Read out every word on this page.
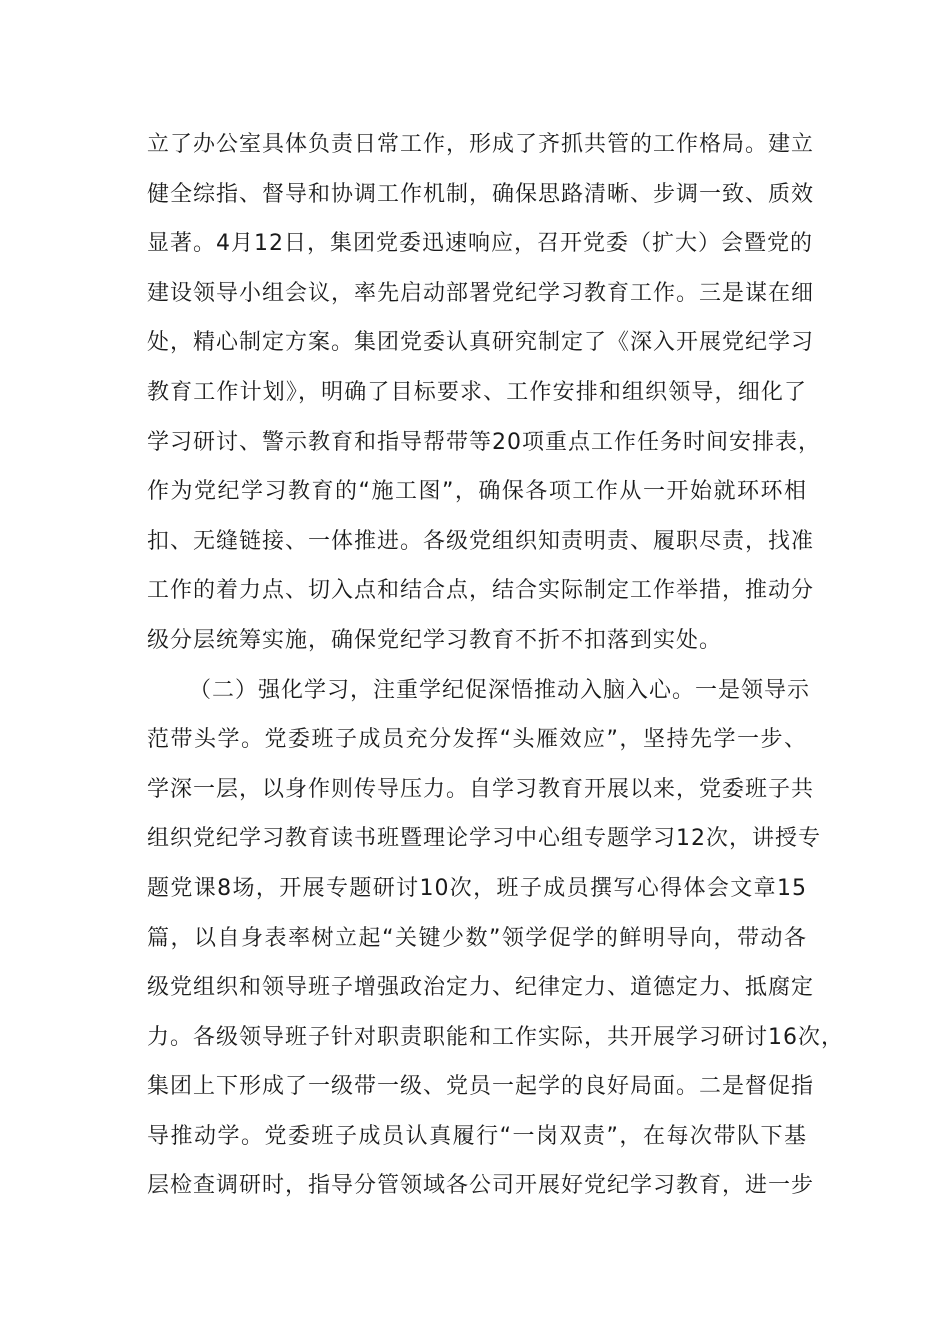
立了办公室具体负责日常工作，形成了齐抓共管的工作格局。建立
健全综指、督导和协调工作机制，确保思路清晰、步调一致、质效
显著。4月12日，集团党委迅速响应，召开党委（扩大）会暨党的
建设领导小组会议，率先启动部署党纪学习教育工作。三是谋在细
处，精心制定方案。集团党委认真研究制定了《深入开展党纪学习
教育工作计划》，明确了目标要求、工作安排和组织领导，细化了
学习研讨、警示教育和指导帮带等20项重点工作任务时间安排表，
作为党纪学习教育的“施工图”，确保各项工作从一开始就环环相
扣、无缝链接、一体推进。各级党组织知责明责、履职尽责，找准
工作的着力点、切入点和结合点，结合实际制定工作举措，推动分
级分层统筹实施，确保党纪学习教育不折不扣落到实处。
（二）强化学习，注重学纪促深悟推动入脑入心。一是领导示
范带头学。党委班子成员充分发挥“头雁效应”，坚持先学一步、
学深一层，以身作则传导压力。自学习教育开展以来，党委班子共
组织党纪学习教育读书班暨理论学习中心组专题学习12次，讲授专
题党课8场，开展专题研讨10次，班子成员撰写心得体会文章15
篇，以自身表率树立起“关键少数”领学促学的鲜明导向，带动各
级党组织和领导班子增强政治定力、纪律定力、道德定力、抵腐定
力。各级领导班子针对职责职能和工作实际，共开展学习研讨16次，
集团上下形成了一级带一级、党员一起学的良好局面。二是督促指
导推动学。党委班子成员认真履行“一岗双责”，在每次带队下基
层检查调研时，指导分管领域各公司开展好党纪学习教育，进一步
